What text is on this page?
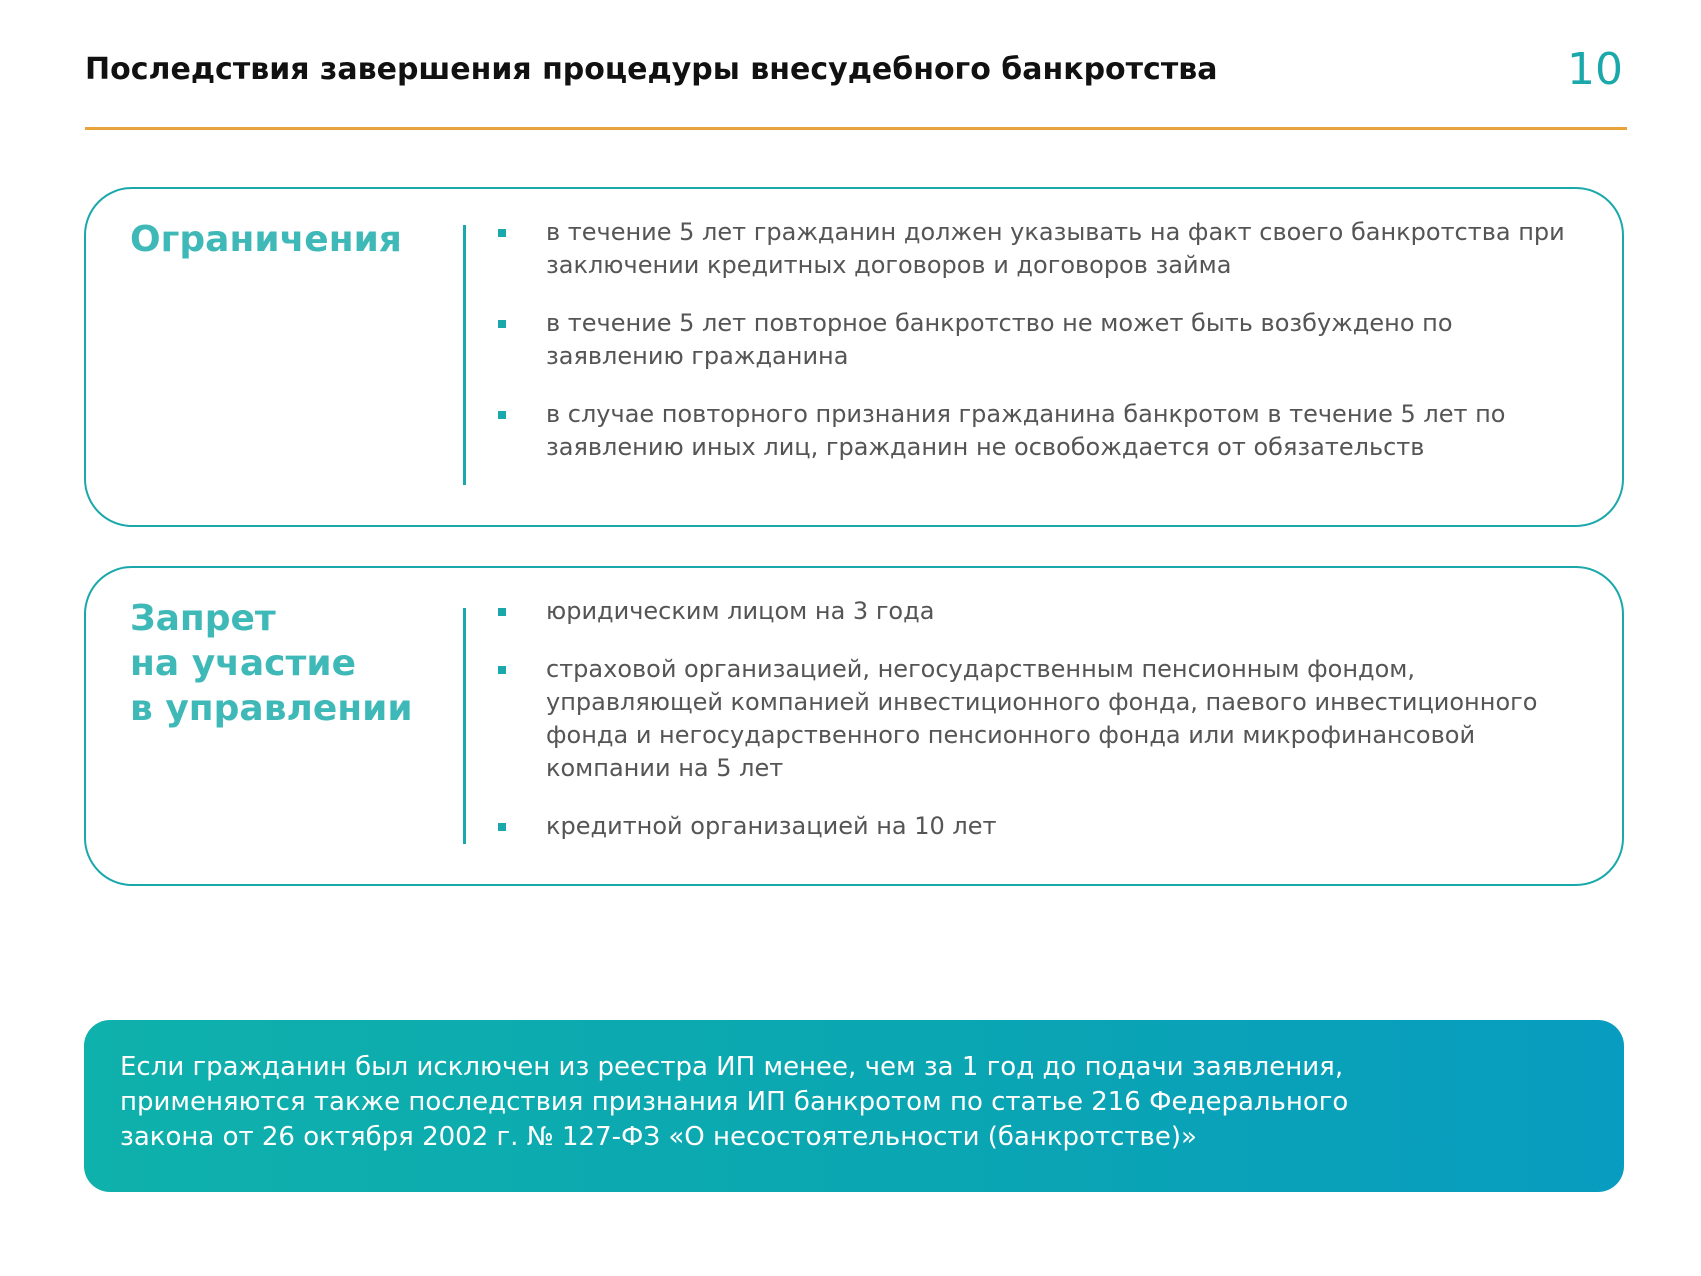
Последствия завершения процедуры внесудебного банкротства	10
Ограничения	в течение 5 лет гражданин должен указывать на факт своего банкротства при заключении кредитных договоров и договоров займа
в течение 5 лет повторное банкротство не может быть возбуждено по заявлению гражданина
в случае повторного признания гражданина банкротом в течение 5 лет по заявлению иных лиц, гражданин не освобождается от обязательств
Запрет
на участие
в управлении
юридическим лицом на 3 года
страховой организацией, негосударственным пенсионным фондом, управляющей компанией инвестиционного фонда, паевого инвестиционного фонда и негосударственного пенсионного фонда или микрофинансовой компании на 5 лет
кредитной организацией на 10 лет
Если гражданин был исключен из реестра ИП менее, чем за 1 год до подачи заявления,
применяются также последствия признания ИП банкротом по статье 216 Федерального
закона от 26 октября 2002 г. № 127-ФЗ «О несостоятельности (банкротстве)»
